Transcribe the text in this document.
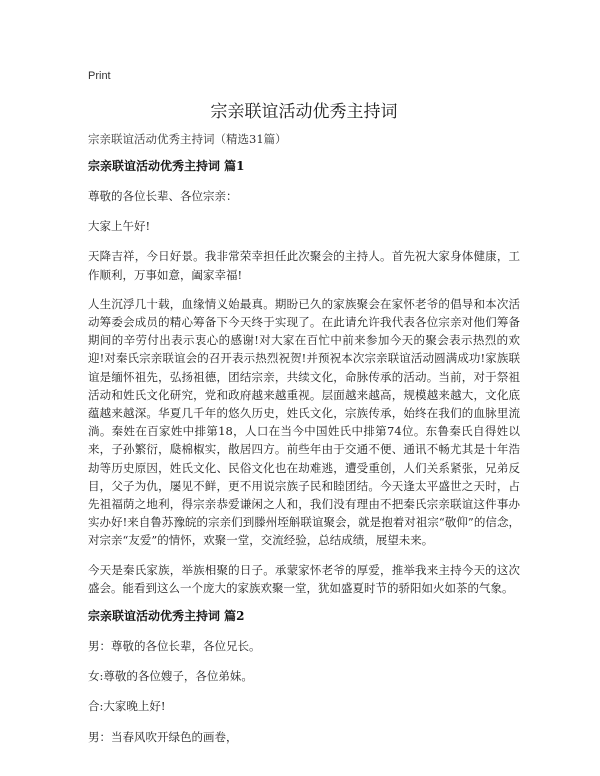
Print
宗亲联谊活动优秀主持词
宗亲联谊活动优秀主持词（精选31篇）
宗亲联谊活动优秀主持词 篇1

尊敬的各位长辈、各位宗亲：

大家上午好!

天降吉祥，今日好景。我非常荣幸担任此次聚会的主持人。首先祝大家身体健康，工作顺利，万事如意，阖家幸福!

人生沉浮几十载，血缘情义始最真。期盼已久的家族聚会在家怀老爷的倡导和本次活动筹委会成员的精心筹备下今天终于实现了。在此请允许我代表各位宗亲对他们筹备期间的辛劳付出表示衷心的感谢!对大家在百忙中前来参加今天的聚会表示热烈的欢迎!对秦氏宗亲联谊会的召开表示热烈祝贺!并预祝本次宗亲联谊活动圆满成功!家族联谊是缅怀祖先，弘扬祖德，团结宗亲，共续文化，命脉传承的活动。当前，对于祭祖活动和姓氏文化研究，党和政府越来越重视。层面越来越高，规模越来越大，文化底蕴越来越深。华夏几千年的悠久历史，姓氏文化，宗族传承，始终在我们的血脉里流淌。秦姓在百家姓中排第18，人口在当今中国姓氏中排第74位。东鲁秦氏自得姓以来，子孙繁衍，瓞棉椒实，散居四方。前些年由于交通不便、通讯不畅尤其是十年浩劫等历史原因，姓氏文化、民俗文化也在劫难逃，遭受重创，人们关系紧张，兄弟反目，父子为仇，屡见不鲜，更不用说宗族子民和睦团结。今天逢太平盛世之天时，占先祖福荫之地利，得宗亲恭爱谦闲之人和，我们没有理由不把秦氏宗亲联谊这件事办实办好!来自鲁苏豫皖的宗亲们到滕州垤斛联谊聚会，就是抱着对祖宗“敬仰”的信念，对宗亲“友爱”的情怀，欢聚一堂，交流经验，总结成绩，展望未来。

今天是秦氏家族，举族相聚的日子。承蒙家怀老爷的厚爱，推举我来主持今天的这次盛会。能看到这么一个庞大的家族欢聚一堂，犹如盛夏时节的骄阳如火如茶的气象。

宗亲联谊活动优秀主持词 篇2

男：尊敬的各位长辈，各位兄长。

女:尊敬的各位嫂子，各位弟妹。

合:大家晚上好!

男：当春风吹开绿色的画卷，
